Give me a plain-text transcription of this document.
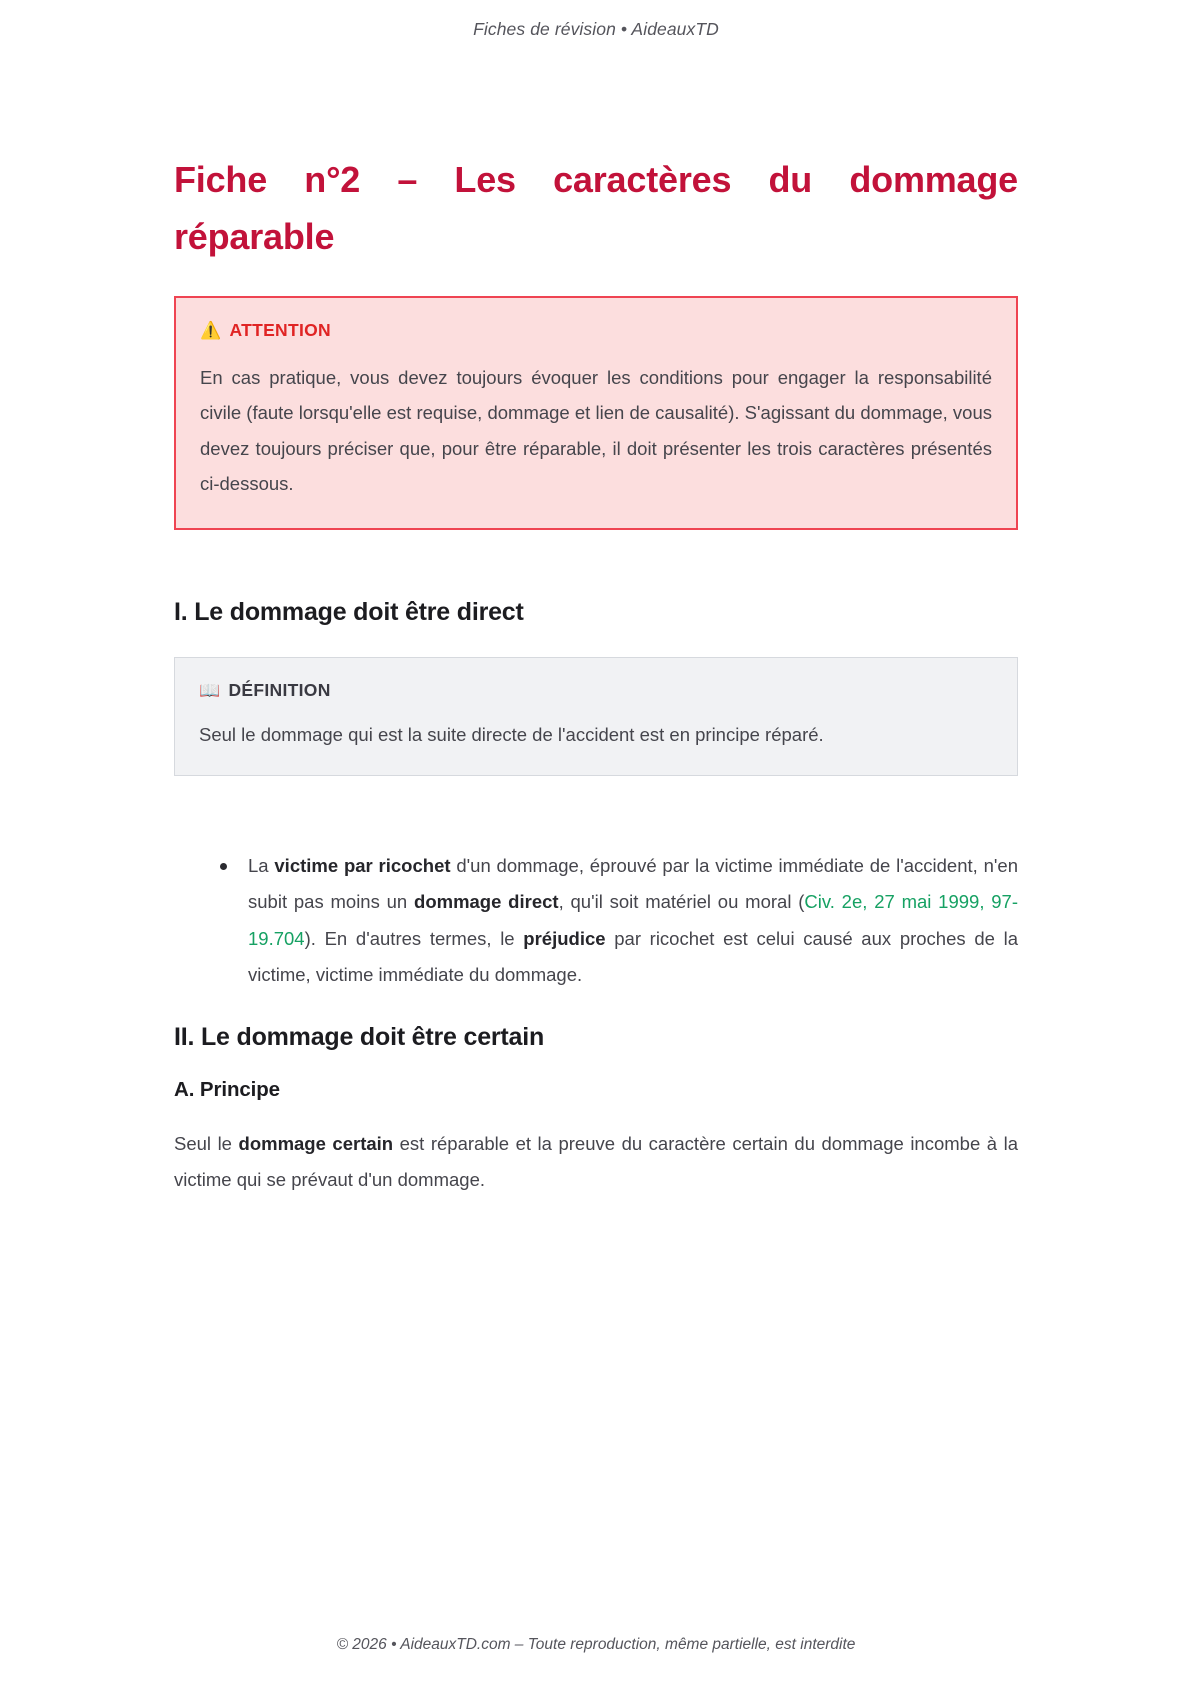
Fiches de révision • AideauxTD
Fiche n°2 – Les caractères du dommage réparable
⚠️ ATTENTION
En cas pratique, vous devez toujours évoquer les conditions pour engager la responsabilité civile (faute lorsqu'elle est requise, dommage et lien de causalité). S'agissant du dommage, vous devez toujours préciser que, pour être réparable, il doit présenter les trois caractères présentés ci-dessous.
I. Le dommage doit être direct
📖 DÉFINITION
Seul le dommage qui est la suite directe de l'accident est en principe réparé.
La victime par ricochet d'un dommage, éprouvé par la victime immédiate de l'accident, n'en subit pas moins un dommage direct, qu'il soit matériel ou moral (Civ. 2e, 27 mai 1999, 97-19.704). En d'autres termes, le préjudice par ricochet est celui causé aux proches de la victime, victime immédiate du dommage.
II. Le dommage doit être certain
A. Principe

Seul le dommage certain est réparable et la preuve du caractère certain du dommage incombe à la victime qui se prévaut d'un dommage.

© 2026 • AideauxTD.com – Toute reproduction, même partielle, est interdite
